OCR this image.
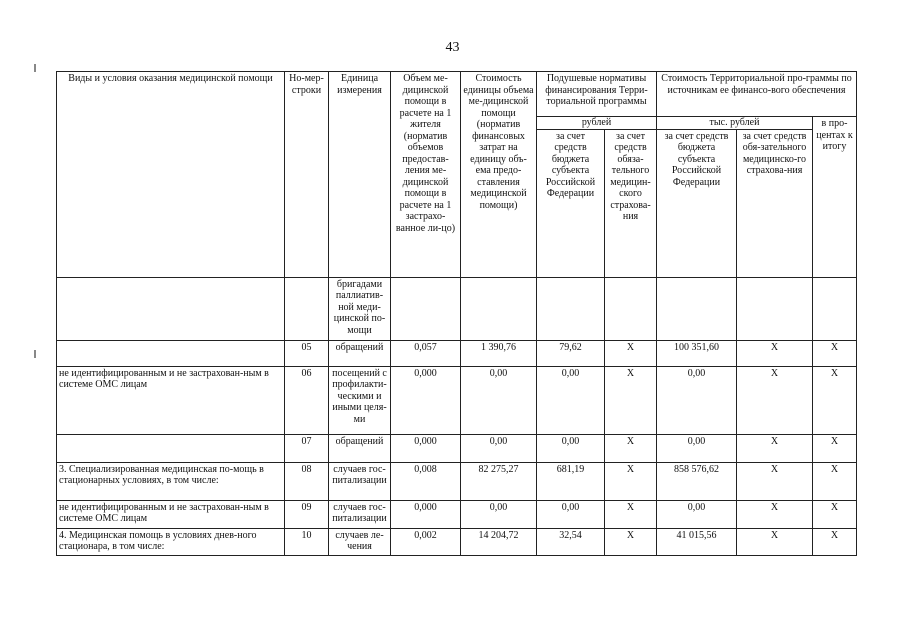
43
Виды и условия оказания медицинской помощи	Но-мер-строки	Единица измерения	Объем ме-дицинской помощи в расчете на 1 жителя (норматив объемов предостав-ления ме-дицинской помощи в расчете на 1 застрахо-ванное ли-цо)	Стоимость единицы объема ме-дицинской помощи (норматив финансовых затрат на единицу объ-ема предо-ставления медицинской помощи)	Подушевые нормативы финансирования Терри-ториальной программы		Стоимость Территориальной про-граммы по источникам ее финансо-вого обеспечения		
					рублей		тыс. рублей		в про-центах к итогу
					за счет средств бюджета субъекта Российской Федерации	за счет средств обяза-тельного медицин-ского страхова-ния	за счет средств бюджета субъекта Российской Федерации	за счет средств обя-зательного медицинско-го страхова-ния	
		бригадами паллиатив-ной меди-цинской по-мощи							
	05	обращений	0,057	1 390,76	79,62	Х	100 351,60	Х	Х
не идентифицированным и не застрахован-ным в системе ОМС лицам	06	посещений с профилакти-ческими и иными целя-ми	0,000	0,00	0,00	Х	0,00	Х	Х
	07	обращений	0,000	0,00	0,00	Х	0,00	Х	Х
3. Специализированная медицинская по-мощь в стационарных условиях, в том числе:	08	случаев гос-питализации	0,008	82 275,27	681,19	Х	858 576,62	Х	Х
не идентифицированным и не застрахован-ным в системе ОМС лицам	09	случаев гос-питализации	0,000	0,00	0,00	Х	0,00	Х	Х
4. Медицинская помощь в условиях днев-ного стационара, в том числе:	10	случаев ле-чения	0,002	14 204,72	32,54	Х	41 015,56	Х	Х
